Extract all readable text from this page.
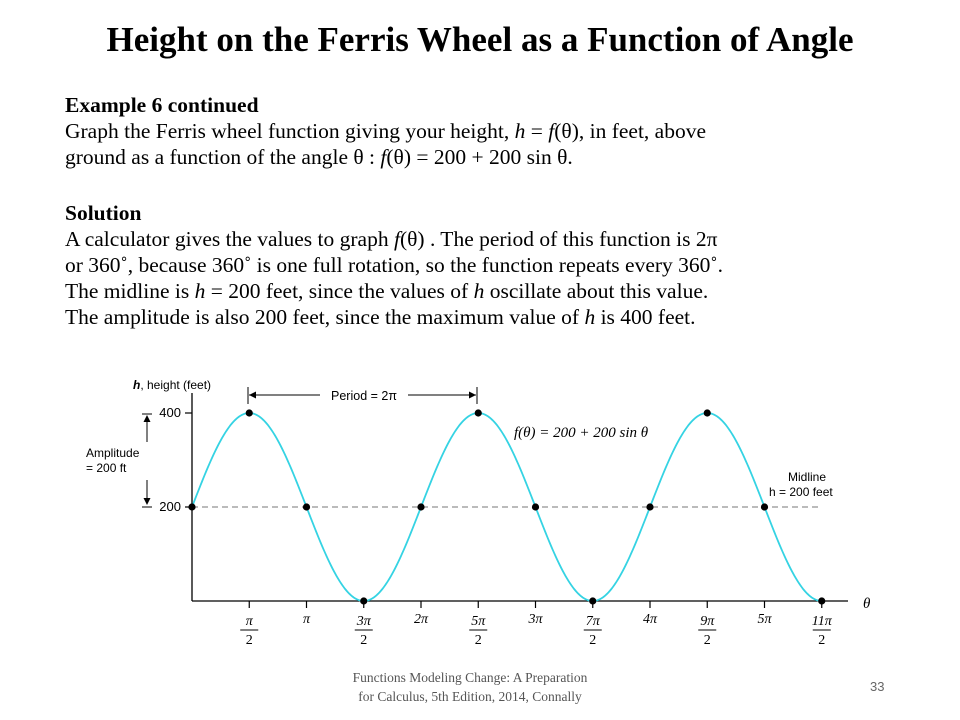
Height on the Ferris Wheel as a Function of Angle
Example 6 continued
Graph the Ferris wheel function giving your height, h = f(θ), in feet, above
ground as a function of the angle θ : f(θ) = 200 + 200 sin θ.
Solution
A calculator gives the values to graph f(θ) . The period of this function is 2π
or 360˚, because 360˚ is one full rotation, so the function repeats every 360˚.
The midline is h = 200 feet, since the values of h oscillate about this value.
The amplitude is also 200 feet, since the maximum value of h is 400 feet.
h, height (feet)
θ
Period = 2π
Amplitude
= 200 ft
Midline
h = 200 feet
f(θ) = 200 + 200 sin θ
400
200
π
2
π	3π
2
2π	5π
2
3π	7π
2
4π	9π
2
5π	11π
2
Functions Modeling Change: A Preparation
for Calculus, 5th Edition, 2014, Connally
33
